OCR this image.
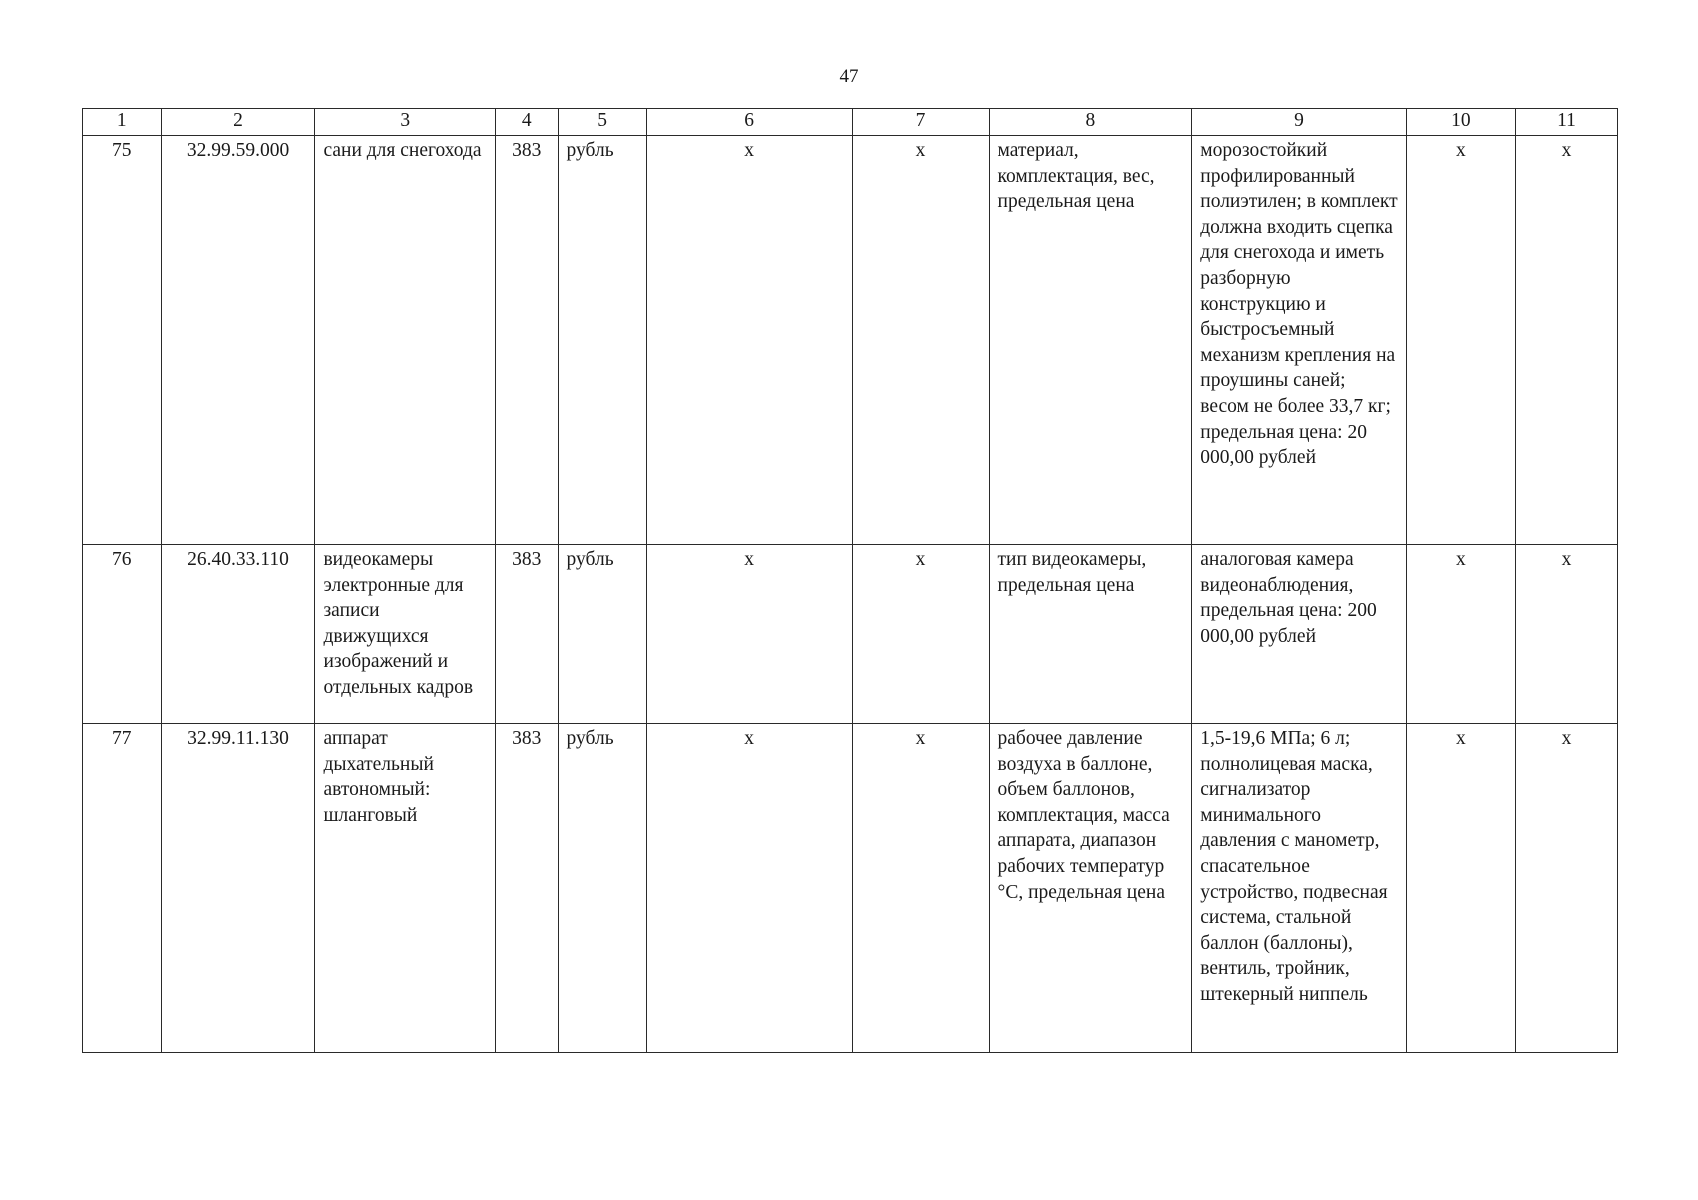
47
1	2	3	4	5	6	7	8	9	10	11
75	32.99.59.000	сани для снегохода	383	рубль	x	x	материал, комплектация, вес, предельная цена	морозостойкий профилированный полиэтилен; в комплект должна входить сцепка для снегохода и иметь разборную конструкцию и быстросъемный механизм крепления на проушины саней; весом не более 33,7 кг; предельная цена: 20 000,00 рублей	x	x
76	26.40.33.110	видеокамеры электронные для записи движущихся изображений и отдельных кадров	383	рубль	x	x	тип видеокамеры, предельная цена	аналоговая камера видеонаблюдения, предельная цена: 200 000,00 рублей	x	x
77	32.99.11.130	аппарат дыхательный автономный: шланговый	383	рубль	x	x	рабочее давление воздуха в баллоне, объем баллонов, комплектация, масса аппарата, диапазон рабочих температур °С, предельная цена	1,5-19,6 МПа; 6 л; полнолицевая маска, сигнализатор минимального давления с манометр, спасательное устройство, подвесная система, стальной баллон (баллоны), вентиль, тройник, штекерный ниппель	x	x
